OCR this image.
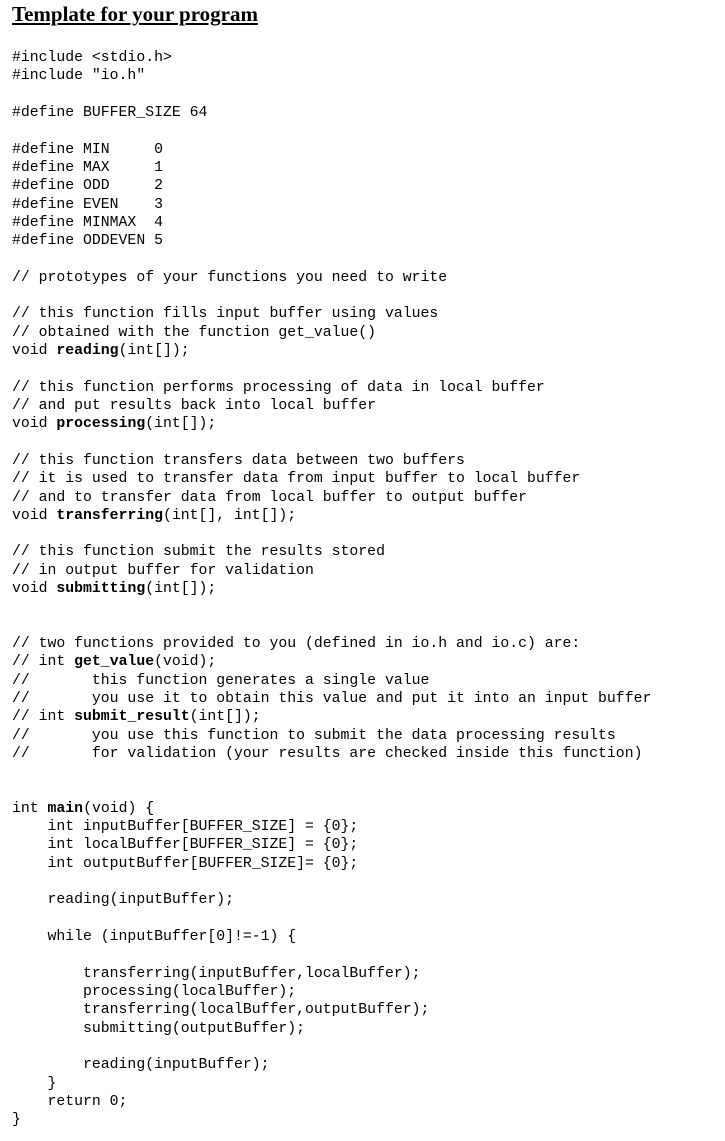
Template for your program
#include <stdio.h>
#include "io.h"
#define BUFFER_SIZE 64
#define MIN     0
#define MAX     1
#define ODD     2
#define EVEN    3
#define MINMAX  4
#define ODDEVEN 5
// prototypes of your functions you need to write
// this function fills input buffer using values
// obtained with the function get_value()
void reading(int[]);
// this function performs processing of data in local buffer
// and put results back into local buffer
void processing(int[]);
// this function transfers data between two buffers
// it is used to transfer data from input buffer to local buffer
// and to transfer data from local buffer to output buffer
void transferring(int[], int[]);
// this function submit the results stored
// in output buffer for validation
void submitting(int[]);
// two functions provided to you (defined in io.h and io.c) are:
// int get_value(void);
//       this function generates a single value
//       you use it to obtain this value and put it into an input buffer
// int submit_result(int[]);
//       you use this function to submit the data processing results
//       for validation (your results are checked inside this function)
int main(void) {
int inputBuffer[BUFFER_SIZE] = {0};
int localBuffer[BUFFER_SIZE] = {0};
int outputBuffer[BUFFER_SIZE]= {0};
reading(inputBuffer);
while (inputBuffer[0]!=-1) {
transferring(inputBuffer,localBuffer);
processing(localBuffer);
transferring(localBuffer,outputBuffer);
submitting(outputBuffer);
reading(inputBuffer);
}
return 0;
}
